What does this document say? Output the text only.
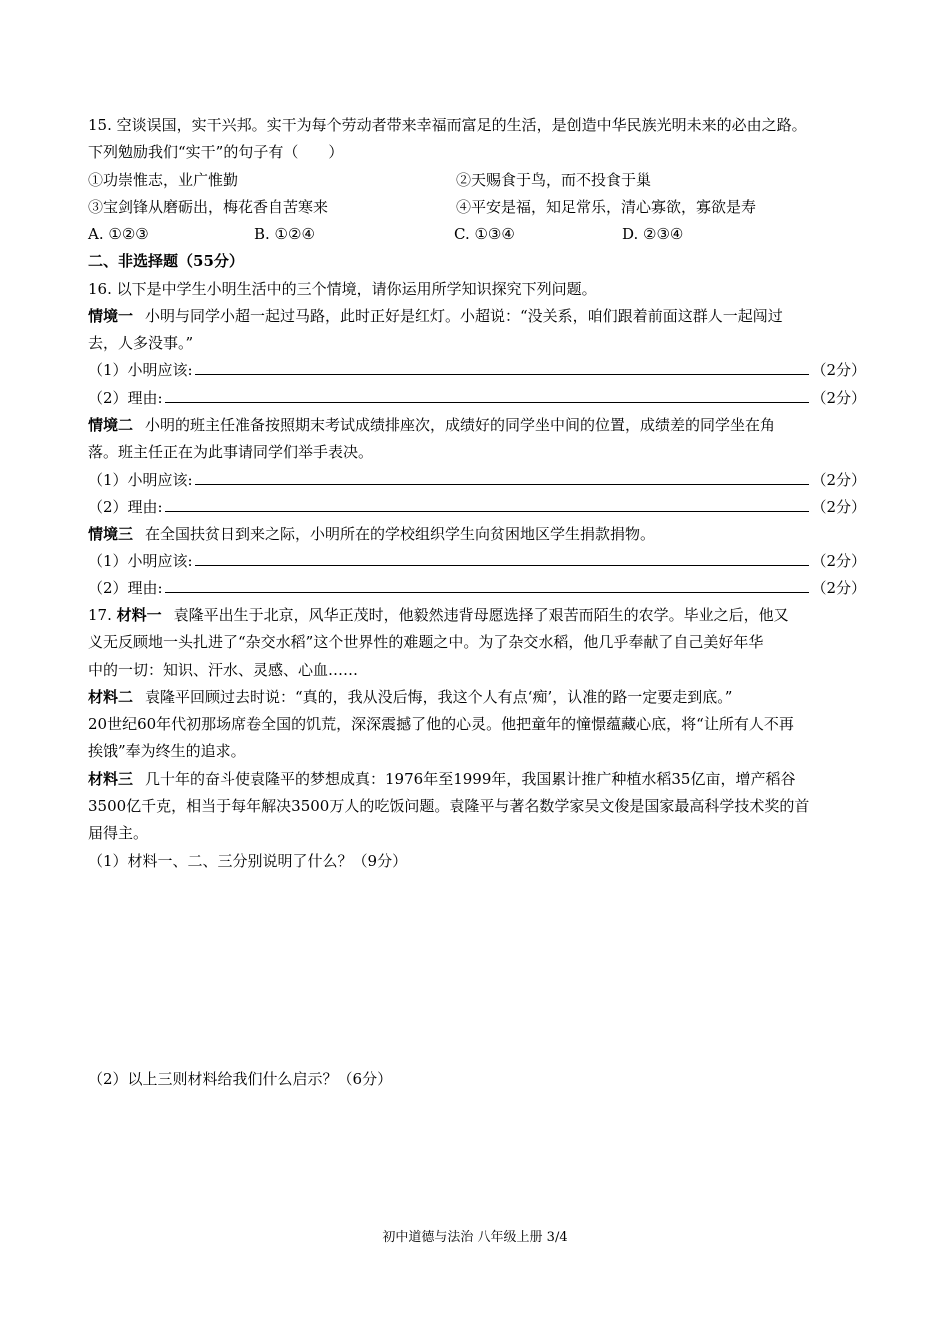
15. 空谈误国，实干兴邦。实干为每个劳动者带来幸福而富足的生活，是创造中华民族光明未来的必由之路。
下列勉励我们“实干”的句子有（　　）
①功崇惟志，业广惟勤	②天赐食于鸟，而不投食于巢
③宝剑锋从磨砺出，梅花香自苦寒来	④平安是福，知足常乐，清心寡欲，寡欲是寿
A. ①②③	B. ①②④	C. ①③④	D. ②③④
二、非选择题（55分）
16. 以下是中学生小明生活中的三个情境，请你运用所学知识探究下列问题。
情境一 小明与同学小超一起过马路，此时正好是红灯。小超说：“没关系，咱们跟着前面这群人一起闯过
去，人多没事。”
（1）小明应该:	（2分）
（2）理由:	（2分）
情境二 小明的班主任准备按照期末考试成绩排座次，成绩好的同学坐中间的位置，成绩差的同学坐在角
落。班主任正在为此事请同学们举手表决。
（1）小明应该:	（2分）
（2）理由:	（2分）
情境三 在全国扶贫日到来之际，小明所在的学校组织学生向贫困地区学生捐款捐物。
（1）小明应该:	（2分）
（2）理由:	（2分）
17. 材料一 袁隆平出生于北京，风华正茂时，他毅然违背母愿选择了艰苦而陌生的农学。毕业之后，他又
义无反顾地一头扎进了“杂交水稻”这个世界性的难题之中。为了杂交水稻，他几乎奉献了自己美好年华
中的一切：知识、汗水、灵感、心血……
材料二 袁隆平回顾过去时说：“真的，我从没后悔，我这个人有点‘痴’，认准的路一定要走到底。”
20世纪60年代初那场席卷全国的饥荒，深深震撼了他的心灵。他把童年的憧憬蕴藏心底，将“让所有人不再
挨饿”奉为终生的追求。
材料三 几十年的奋斗使袁隆平的梦想成真：1976年至1999年，我国累计推广种植水稻35亿亩，增产稻谷
3500亿千克，相当于每年解决3500万人的吃饭问题。袁隆平与著名数学家吴文俊是国家最高科学技术奖的首
届得主。
（1）材料一、二、三分别说明了什么？（9分）
（2）以上三则材料给我们什么启示？（6分）
初中道德与法治 八年级上册 3/4
